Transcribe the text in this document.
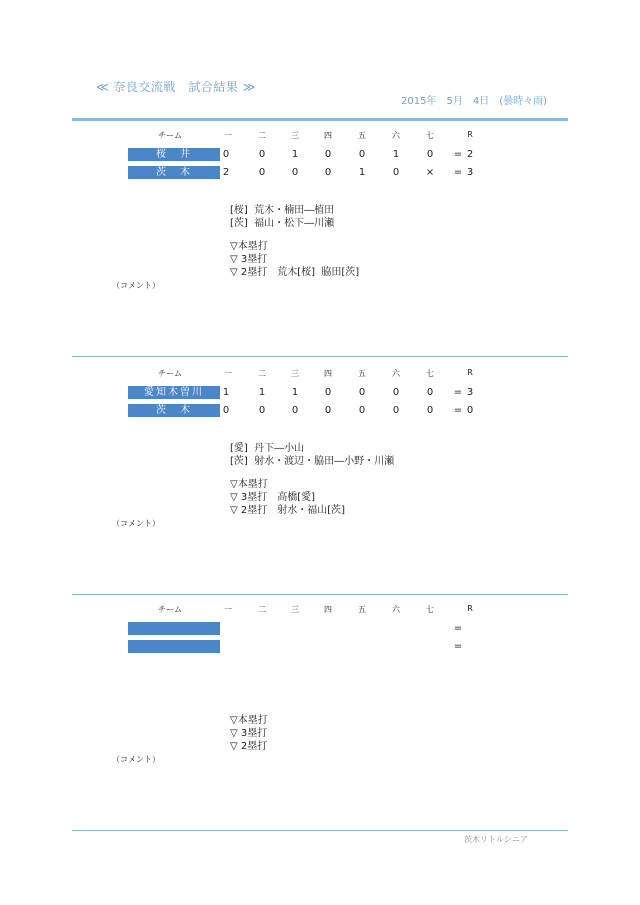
≪ 奈良交流戦　試合結果 ≫
2015年　5月　4日　(曇時々雨)
チーム	一	二	三	四	五	六	七	R
桜　井	0	0	1	0	0	1	0	= 2
茨　木	2	0	0	0	1	0	×	= 3
[桜]  荒木・楠田―植田
[茨]  福山・松下―川瀬
▽本塁打
▽ 3塁打
▽ 2塁打　荒木[桜]  脇田[茨]
（コメント）
チーム	一	二	三	四	五	六	七	R
愛知木曽川	1	1	1	0	0	0	0	= 3
茨　木	0	0	0	0	0	0	0	= 0
[愛]  丹下―小山
[茨]  射水・渡辺・脇田―小野・川瀬
▽本塁打
▽ 3塁打　高橋[愛]
▽ 2塁打　射水・福山[茨]
（コメント）
チーム	一	二	三	四	五	六	七	R
=
=

▽本塁打
▽ 3塁打
▽ 2塁打
（コメント）
茨木リトルシニア
